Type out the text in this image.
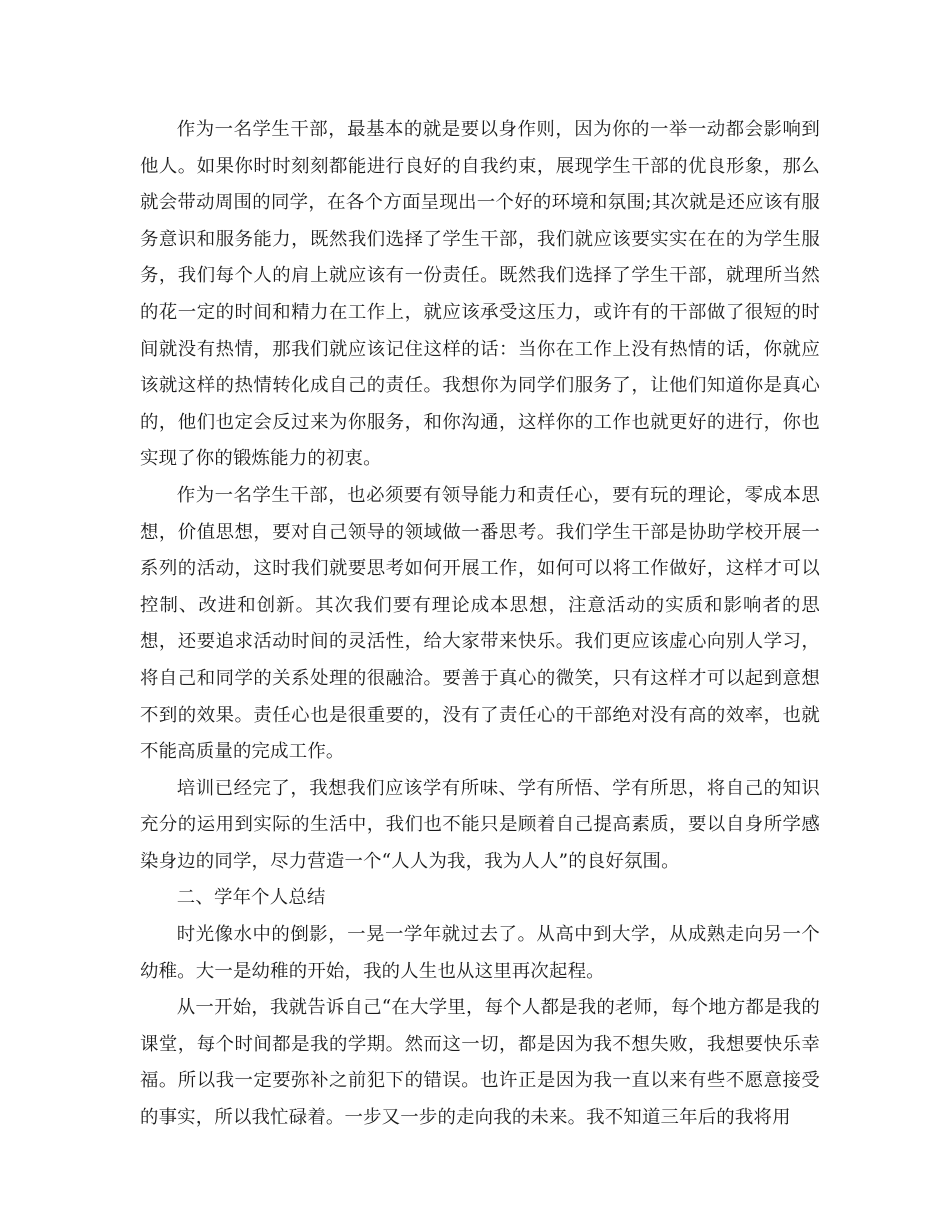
作为一名学生干部，最基本的就是要以身作则，因为你的一举一动都会影响到他人。如果你时时刻刻都能进行良好的自我约束，展现学生干部的优良形象，那么就会带动周围的同学，在各个方面呈现出一个好的环境和氛围;其次就是还应该有服务意识和服务能力，既然我们选择了学生干部，我们就应该要实实在在的为学生服务，我们每个人的肩上就应该有一份责任。既然我们选择了学生干部，就理所当然的花一定的时间和精力在工作上，就应该承受这压力，或许有的干部做了很短的时间就没有热情，那我们就应该记住这样的话：当你在工作上没有热情的话，你就应该就这样的热情转化成自己的责任。我想你为同学们服务了，让他们知道你是真心的，他们也定会反过来为你服务，和你沟通，这样你的工作也就更好的进行，你也实现了你的锻炼能力的初衷。

作为一名学生干部，也必须要有领导能力和责任心，要有玩的理论，零成本思想，价值思想，要对自己领导的领域做一番思考。我们学生干部是协助学校开展一系列的活动，这时我们就要思考如何开展工作，如何可以将工作做好，这样才可以控制、改进和创新。其次我们要有理论成本思想，注意活动的实质和影响者的思想，还要追求活动时间的灵活性，给大家带来快乐。我们更应该虚心向别人学习，将自己和同学的关系处理的很融洽。要善于真心的微笑，只有这样才可以起到意想不到的效果。责任心也是很重要的，没有了责任心的干部绝对没有高的效率，也就不能高质量的完成工作。

培训已经完了，我想我们应该学有所味、学有所悟、学有所思，将自己的知识充分的运用到实际的生活中，我们也不能只是顾着自己提高素质，要以自身所学感染身边的同学，尽力营造一个“人人为我，我为人人”的良好氛围。

二、学年个人总结

时光像水中的倒影，一晃一学年就过去了。从高中到大学，从成熟走向另一个幼稚。大一是幼稚的开始，我的人生也从这里再次起程。

从一开始，我就告诉自己“在大学里，每个人都是我的老师，每个地方都是我的课堂，每个时间都是我的学期。然而这一切，都是因为我不想失败，我想要快乐幸福。所以我一定要弥补之前犯下的错误。也许正是因为我一直以来有些不愿意接受的事实，所以我忙碌着。一步又一步的走向我的未来。我不知道三年后的我将用
